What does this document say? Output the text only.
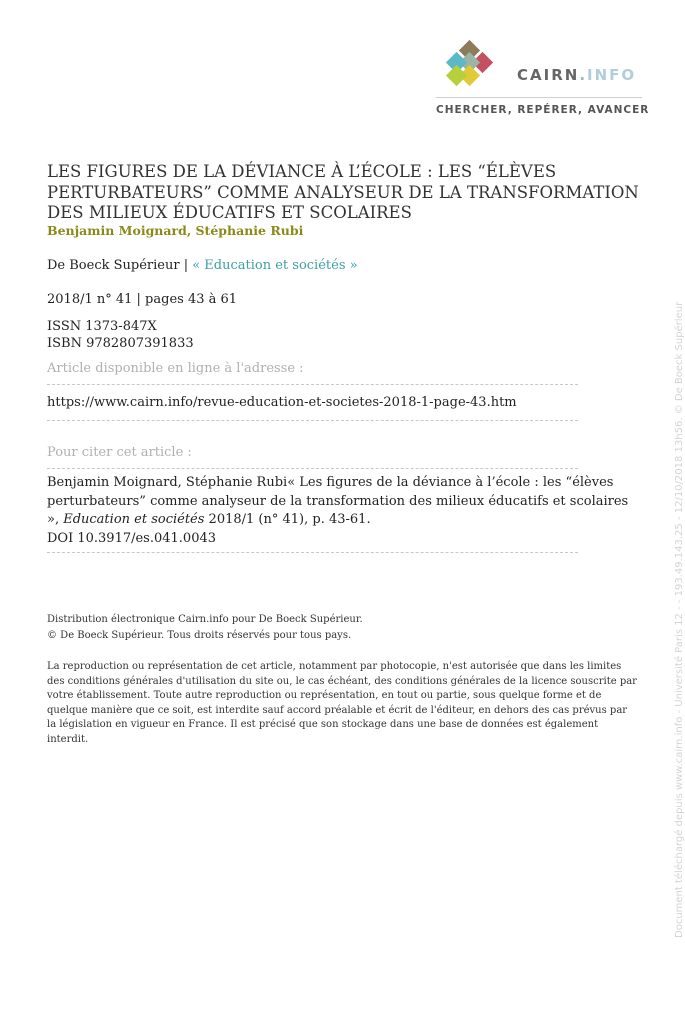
CAIRN.INFO
CHERCHER, REPÉRER, AVANCER
LES FIGURES DE LA DÉVIANCE À L’ÉCOLE : LES “ÉLÈVES PERTURBATEURS” COMME ANALYSEUR DE LA TRANSFORMATION DES MILIEUX ÉDUCATIFS ET SCOLAIRES
Benjamin Moignard, Stéphanie Rubi
De Boeck Supérieur | « Education et sociétés »
2018/1 n° 41 | pages 43 à 61
ISSN 1373-847X
ISBN 9782807391833
Article disponible en ligne à l'adresse :
https://www.cairn.info/revue-education-et-societes-2018-1-page-43.htm
Pour citer cet article :
Benjamin Moignard, Stéphanie Rubi« Les figures de la déviance à l’école : les “élèves perturbateurs” comme analyseur de la transformation des milieux éducatifs et scolaires », Education et sociétés 2018/1 (n° 41), p. 43-61.
DOI 10.3917/es.041.0043
Distribution électronique Cairn.info pour De Boeck Supérieur.
© De Boeck Supérieur. Tous droits réservés pour tous pays.
La reproduction ou représentation de cet article, notamment par photocopie, n'est autorisée que dans les limites des conditions générales d'utilisation du site ou, le cas échéant, des conditions générales de la licence souscrite par votre établissement. Toute autre reproduction ou représentation, en tout ou partie, sous quelque forme et de quelque manière que ce soit, est interdite sauf accord préalable et écrit de l'éditeur, en dehors des cas prévus par la législation en vigueur en France. Il est précisé que son stockage dans une base de données est également interdit.	Document téléchargé depuis www.cairn.info - Université Paris 12 - - 193.49.143.25 - 12/10/2018 13h56. © De Boeck Supérieur
